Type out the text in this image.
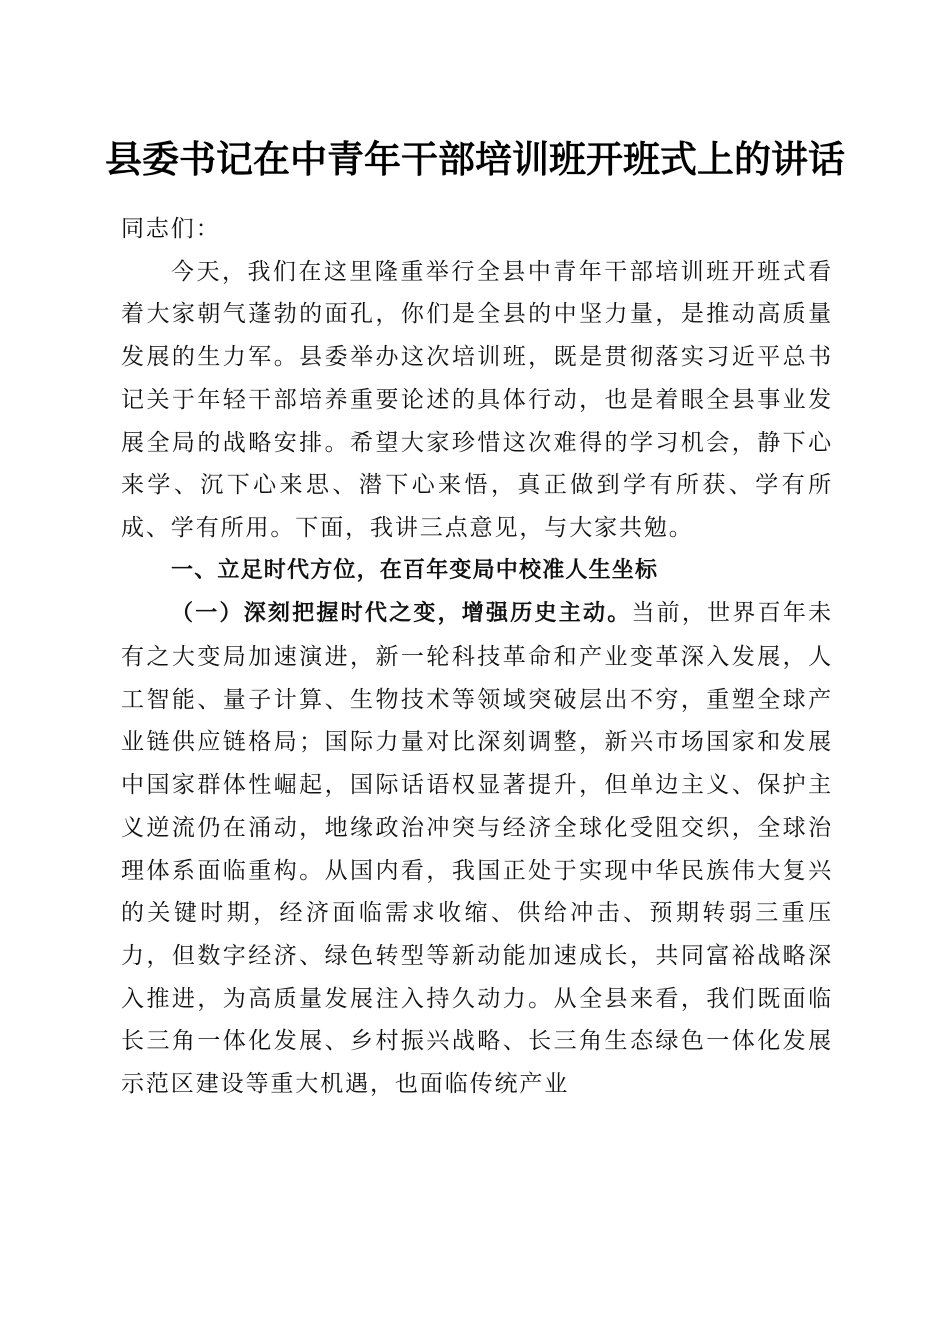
县委书记在中青年干部培训班开班式上的讲话

同志们：

今天，我们在这里隆重举行全县中青年干部培训班开班式看着大家朝气蓬勃的面孔，你们是全县的中坚力量，是推动高质量发展的生力军。县委举办这次培训班，既是贯彻落实习近平总书记关于年轻干部培养重要论述的具体行动，也是着眼全县事业发展全局的战略安排。希望大家珍惜这次难得的学习机会，静下心来学、沉下心来思、潜下心来悟，真正做到学有所获、学有所成、学有所用。下面，我讲三点意见，与大家共勉。

一、立足时代方位，在百年变局中校准人生坐标

（一）深刻把握时代之变，增强历史主动。当前，世界百年未有之大变局加速演进，新一轮科技革命和产业变革深入发展，人工智能、量子计算、生物技术等领域突破层出不穷，重塑全球产业链供应链格局；国际力量对比深刻调整，新兴市场国家和发展中国家群体性崛起，国际话语权显著提升，但单边主义、保护主义逆流仍在涌动，地缘政治冲突与经济全球化受阻交织，全球治理体系面临重构。从国内看，我国正处于实现中华民族伟大复兴的关键时期，经济面临需求收缩、供给冲击、预期转弱三重压力，但数字经济、绿色转型等新动能加速成长，共同富裕战略深入推进，为高质量发展注入持久动力。从全县来看，我们既面临长三角一体化发展、乡村振兴战略、长三角生态绿色一体化发展示范区建设等重大机遇，也面临传统产业
